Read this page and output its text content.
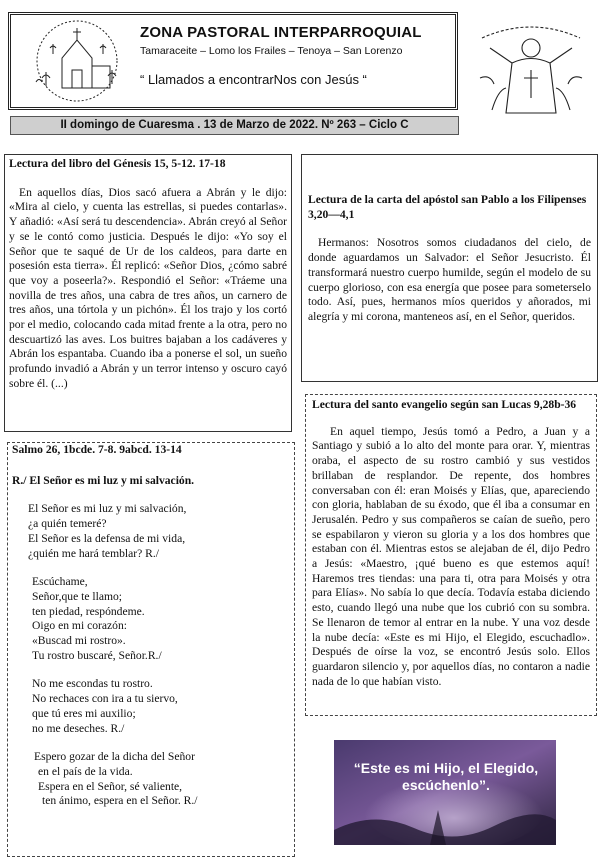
ZONA PASTORAL INTERPARROQUIAL
Tamaraceite – Lomo los Frailes – Tenoya – San Lorenzo
“ Llamados a encontrarNos con Jesús “
II domingo de Cuaresma . 13 de Marzo de 2022. Nº 263 – Ciclo C

Lectura del libro del Génesis 15, 5-12. 17-18

En aquellos días, Dios sacó afuera a Abrán y le dijo: «Mira al cielo, y cuenta las estrellas, si puedes contarlas». Y añadió: «Así será tu descendencia». Abrán creyó al Señor y se le contó como justicia. Después le dijo: «Yo soy el Señor que te saqué de Ur de los caldeos, para darte en posesión esta tierra». Él replicó: «Señor Dios, ¿cómo sabré que voy a poseerla?». Respondió el Señor: «Tráeme una novilla de tres años, una cabra de tres años, un carnero de tres años, una tórtola y un pichón». Él los trajo y los cortó por el medio, colocando cada mitad frente a la otra, pero no descuartizó las aves. Los buitres bajaban a los cadáveres y Abrán los espantaba. Cuando iba a ponerse el sol, un sueño profundo invadió a Abrán y un terror intenso y oscuro cayó sobre él. (...)

Lectura de la carta del apóstol san Pablo a los Filipenses 3,20—4,1

Hermanos: Nosotros somos ciudadanos del cielo, de donde aguardamos un Salvador: el Señor Jesucristo. Él transformará nuestro cuerpo humilde, según el modelo de su cuerpo glorioso, con esa energía que posee para someterselo todo. Así, pues, hermanos míos queridos y añorados, mi alegría y mi corona, manteneos así, en el Señor, queridos.

Salmo 26, 1bcde. 7-8. 9abcd. 13-14

R./ El Señor es mi luz y mi salvación.

El Señor es mi luz y mi salvación,
¿a quién temeré?
El Señor es la defensa de mi vida,
¿quién me hará temblar? R./
Escúchame,
Señor,que te llamo;
ten piedad, respóndeme.
Oigo en mi corazón:
«Buscad mi rostro».
Tu rostro buscaré, Señor.R./
No me escondas tu rostro.
No rechaces con ira a tu siervo,
que tú eres mi auxilio;
no me deseches. R./
Espero gozar de la dicha del Señor
en el país de la vida.
Espera en el Señor, sé valiente,
ten ánimo, espera en el Señor. R./

Lectura del santo evangelio según san Lucas 9,28b-36

En aquel tiempo, Jesús tomó a Pedro, a Juan y a Santiago y subió a lo alto del monte para orar. Y, mientras oraba, el aspecto de su rostro cambió y sus vestidos brillaban de resplandor. De repente, dos hombres conversaban con él: eran Moisés y Elías, que, apareciendo con gloria, hablaban de su éxodo, que él iba a consumar en Jerusalén. Pedro y sus compañeros se caían de sueño, pero se espabilaron y vieron su gloria y a los dos hombres que estaban con él. Mientras estos se alejaban de él, dijo Pedro a Jesús: «Maestro, ¡qué bueno es que estemos aquí! Haremos tres tiendas: una para ti, otra para Moisés y otra para Elías». No sabía lo que decía. Todavía estaba diciendo esto, cuando llegó una nube que los cubrió con su sombra. Se llenaron de temor al entrar en la nube. Y una voz desde la nube decía: «Este es mi Hijo, el Elegido, escuchadlo». Después de oírse la voz, se encontró Jesús solo. Ellos guardaron silencio y, por aquellos días, no contaron a nadie nada de lo que habían visto.

“Este es mi Hijo, el Elegido, escúchenlo”.
